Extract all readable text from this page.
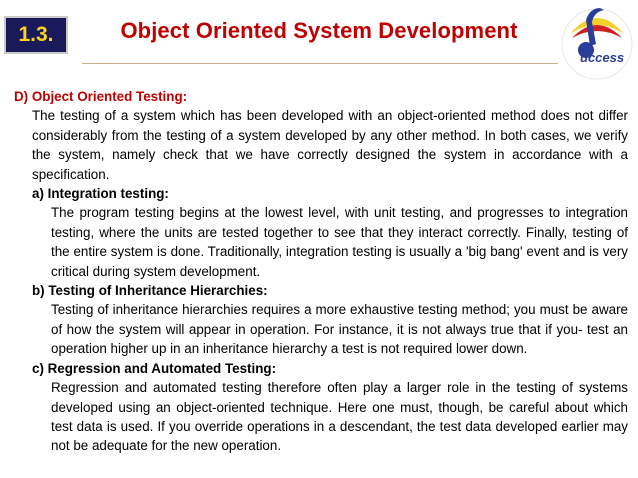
1.3.	Object Oriented System Development
uccess
D) Object Oriented Testing:

The testing of a system which has been developed with an object-oriented method does not differ considerably from the testing of a system developed by any other method. In both cases, we verify the system, namely check that we have correctly designed the system in accordance with a specification.

a) Integration testing:

The program testing begins at the lowest level, with unit testing, and progresses to integration testing, where the units are tested together to see that they interact correctly. Finally, testing of the entire system is done. Traditionally, integration testing is usually a 'big bang' event and is very critical during system development.

b) Testing of Inheritance Hierarchies:

Testing of inheritance hierarchies requires a more exhaustive testing method; you must be aware of how the system will appear in operation. For instance, it is not always true that if you- test an operation higher up in an inheritance hierarchy a test is not required lower down.

c) Regression and Automated Testing:

Regression and automated testing therefore often play a larger role in the testing of systems developed using an object-oriented technique. Here one must, though, be careful about which test data is used. If you override operations in a descendant, the test data developed earlier may not be adequate for the new operation.
